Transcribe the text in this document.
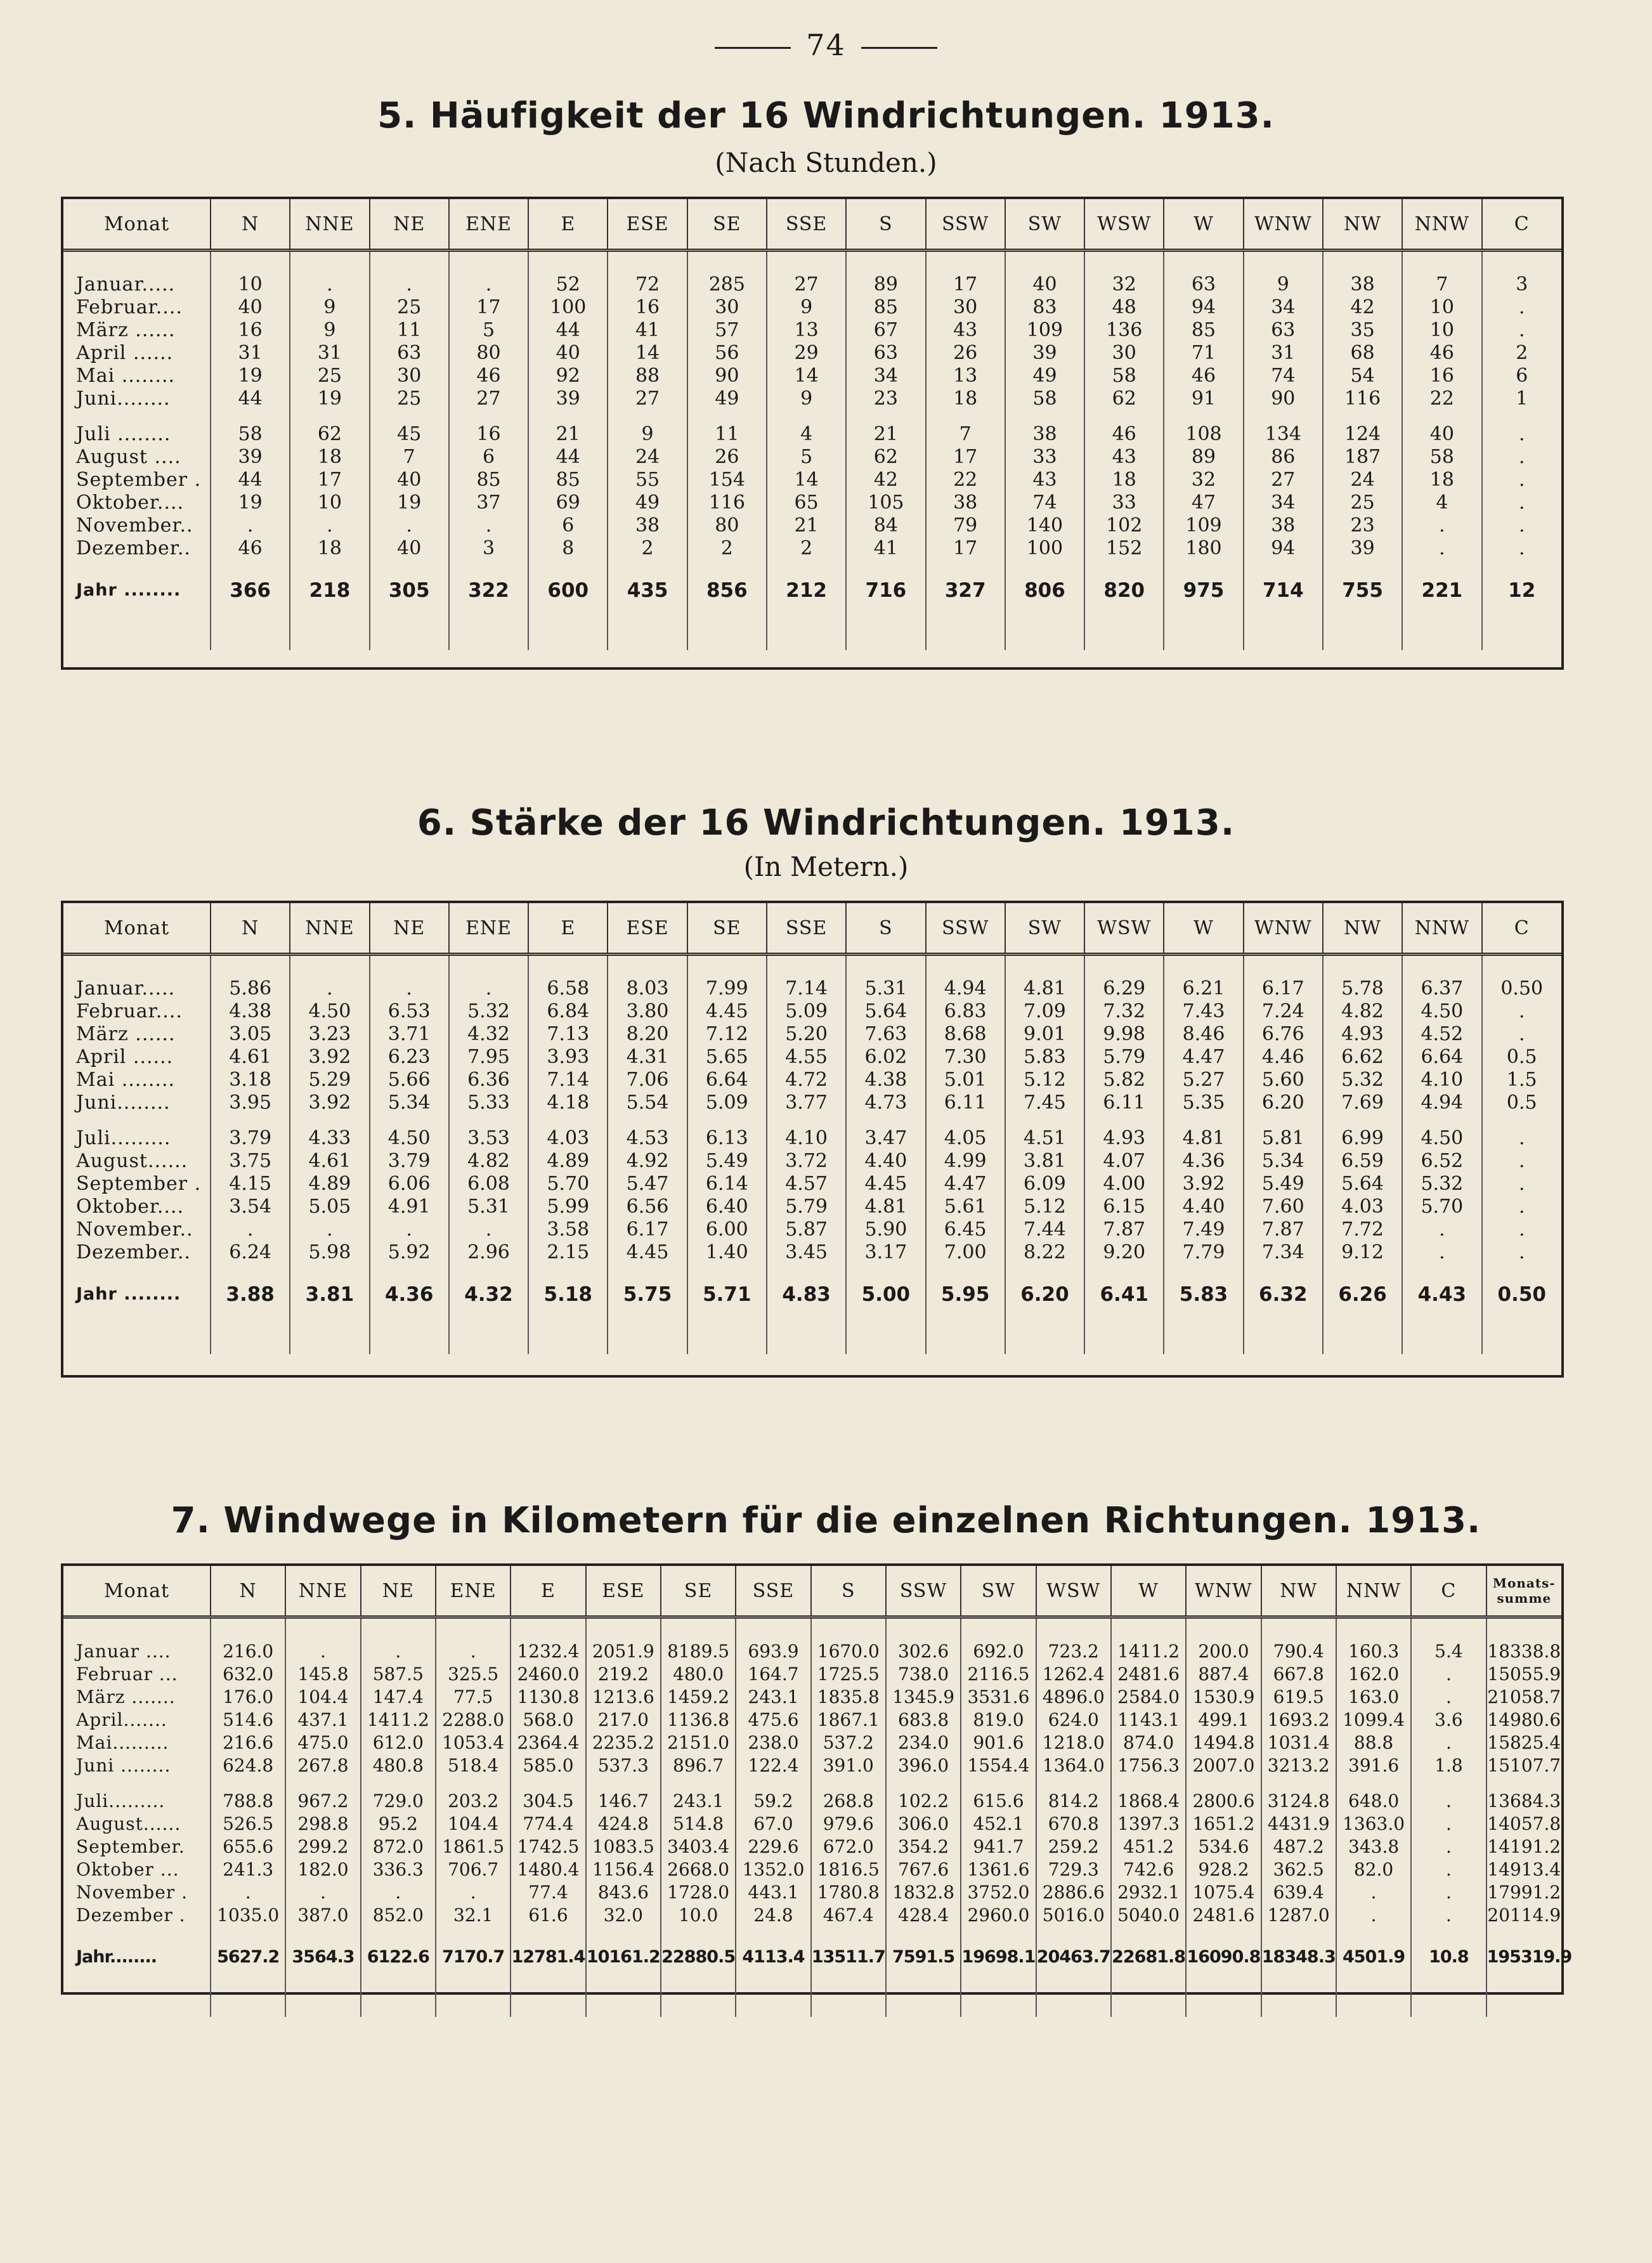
74
5. Häufigkeit der 16 Windrichtungen. 1913.
(Nach Stunden.)
Monat	N	NNE	NE	ENE	E	ESE	SE	SSE	S	SSW	SW	WSW	W	WNW	NW	NNW	C

Januar.....	10	.	.	.	52	72	285	27	89	17	40	32	63	9	38	7	3
Februar....	40	9	25	17	100	16	30	9	85	30	83	48	94	34	42	10	.
März ......	16	9	11	5	44	41	57	13	67	43	109	136	85	63	35	10	.
April ......	31	31	63	80	40	14	56	29	63	26	39	30	71	31	68	46	2
Mai ........	19	25	30	46	92	88	90	14	34	13	49	58	46	74	54	16	6
Juni........	44	19	25	27	39	27	49	9	23	18	58	62	91	90	116	22	1

Juli ........	58	62	45	16	21	9	11	4	21	7	38	46	108	134	124	40	.
August ....	39	18	7	6	44	24	26	5	62	17	33	43	89	86	187	58	.
September .	44	17	40	85	85	55	154	14	42	22	43	18	32	27	24	18	.
Oktober....	19	10	19	37	69	49	116	65	105	38	74	33	47	34	25	4	.
November..	.	.	.	.	6	38	80	21	84	79	140	102	109	38	23	.	.
Dezember..	46	18	40	3	8	2	2	2	41	17	100	152	180	94	39	.	.

Jahr ........	366	218	305	322	600	435	856	212	716	327	806	820	975	714	755	221	12

6. Stärke der 16 Windrichtungen. 1913.
(In Metern.)
Monat	N	NNE	NE	ENE	E	ESE	SE	SSE	S	SSW	SW	WSW	W	WNW	NW	NNW	C

Januar.....	5.86	.	.	.	6.58	8.03	7.99	7.14	5.31	4.94	4.81	6.29	6.21	6.17	5.78	6.37	0.50
Februar....	4.38	4.50	6.53	5.32	6.84	3.80	4.45	5.09	5.64	6.83	7.09	7.32	7.43	7.24	4.82	4.50	.
März ......	3.05	3.23	3.71	4.32	7.13	8.20	7.12	5.20	7.63	8.68	9.01	9.98	8.46	6.76	4.93	4.52	.
April ......	4.61	3.92	6.23	7.95	3.93	4.31	5.65	4.55	6.02	7.30	5.83	5.79	4.47	4.46	6.62	6.64	0.5
Mai ........	3.18	5.29	5.66	6.36	7.14	7.06	6.64	4.72	4.38	5.01	5.12	5.82	5.27	5.60	5.32	4.10	1.5
Juni........	3.95	3.92	5.34	5.33	4.18	5.54	5.09	3.77	4.73	6.11	7.45	6.11	5.35	6.20	7.69	4.94	0.5

Juli.........	3.79	4.33	4.50	3.53	4.03	4.53	6.13	4.10	3.47	4.05	4.51	4.93	4.81	5.81	6.99	4.50	.
August......	3.75	4.61	3.79	4.82	4.89	4.92	5.49	3.72	4.40	4.99	3.81	4.07	4.36	5.34	6.59	6.52	.
September .	4.15	4.89	6.06	6.08	5.70	5.47	6.14	4.57	4.45	4.47	6.09	4.00	3.92	5.49	5.64	5.32	.
Oktober....	3.54	5.05	4.91	5.31	5.99	6.56	6.40	5.79	4.81	5.61	5.12	6.15	4.40	7.60	4.03	5.70	.
November..	.	.	.	.	3.58	6.17	6.00	5.87	5.90	6.45	7.44	7.87	7.49	7.87	7.72	.	.
Dezember..	6.24	5.98	5.92	2.96	2.15	4.45	1.40	3.45	3.17	7.00	8.22	9.20	7.79	7.34	9.12	.	.

Jahr ........	3.88	3.81	4.36	4.32	5.18	5.75	5.71	4.83	5.00	5.95	6.20	6.41	5.83	6.32	6.26	4.43	0.50

7. Windwege in Kilometern für die einzelnen Richtungen. 1913.
Monat	N	NNE	NE	ENE	E	ESE	SE	SSE	S	SSW	SW	WSW	W	WNW	NW	NNW	C	Monats-summe

Januar ....	216.0	.	.	.	1232.4	2051.9	8189.5	693.9	1670.0	302.6	692.0	723.2	1411.2	200.0	790.4	160.3	5.4	18338.8
Februar ...	632.0	145.8	587.5	325.5	2460.0	219.2	480.0	164.7	1725.5	738.0	2116.5	1262.4	2481.6	887.4	667.8	162.0	.	15055.9
März .......	176.0	104.4	147.4	77.5	1130.8	1213.6	1459.2	243.1	1835.8	1345.9	3531.6	4896.0	2584.0	1530.9	619.5	163.0	.	21058.7
April.......	514.6	437.1	1411.2	2288.0	568.0	217.0	1136.8	475.6	1867.1	683.8	819.0	624.0	1143.1	499.1	1693.2	1099.4	3.6	14980.6
Mai.........	216.6	475.0	612.0	1053.4	2364.4	2235.2	2151.0	238.0	537.2	234.0	901.6	1218.0	874.0	1494.8	1031.4	88.8	.	15825.4
Juni ........	624.8	267.8	480.8	518.4	585.0	537.3	896.7	122.4	391.0	396.0	1554.4	1364.0	1756.3	2007.0	3213.2	391.6	1.8	15107.7

Juli.........	788.8	967.2	729.0	203.2	304.5	146.7	243.1	59.2	268.8	102.2	615.6	814.2	1868.4	2800.6	3124.8	648.0	.	13684.3
August......	526.5	298.8	95.2	104.4	774.4	424.8	514.8	67.0	979.6	306.0	452.1	670.8	1397.3	1651.2	4431.9	1363.0	.	14057.8
September.	655.6	299.2	872.0	1861.5	1742.5	1083.5	3403.4	229.6	672.0	354.2	941.7	259.2	451.2	534.6	487.2	343.8	.	14191.2
Oktober ...	241.3	182.0	336.3	706.7	1480.4	1156.4	2668.0	1352.0	1816.5	767.6	1361.6	729.3	742.6	928.2	362.5	82.0	.	14913.4
November .	.	.	.	.	77.4	843.6	1728.0	443.1	1780.8	1832.8	3752.0	2886.6	2932.1	1075.4	639.4	.	.	17991.2
Dezember .	1035.0	387.0	852.0	32.1	61.6	32.0	10.0	24.8	467.4	428.4	2960.0	5016.0	5040.0	2481.6	1287.0	.	.	20114.9

Jahr........	5627.2	3564.3	6122.6	7170.7	12781.4	10161.2	22880.5	4113.4	13511.7	7591.5	19698.1	20463.7	22681.8	16090.8	18348.3	4501.9	10.8	195319.9
